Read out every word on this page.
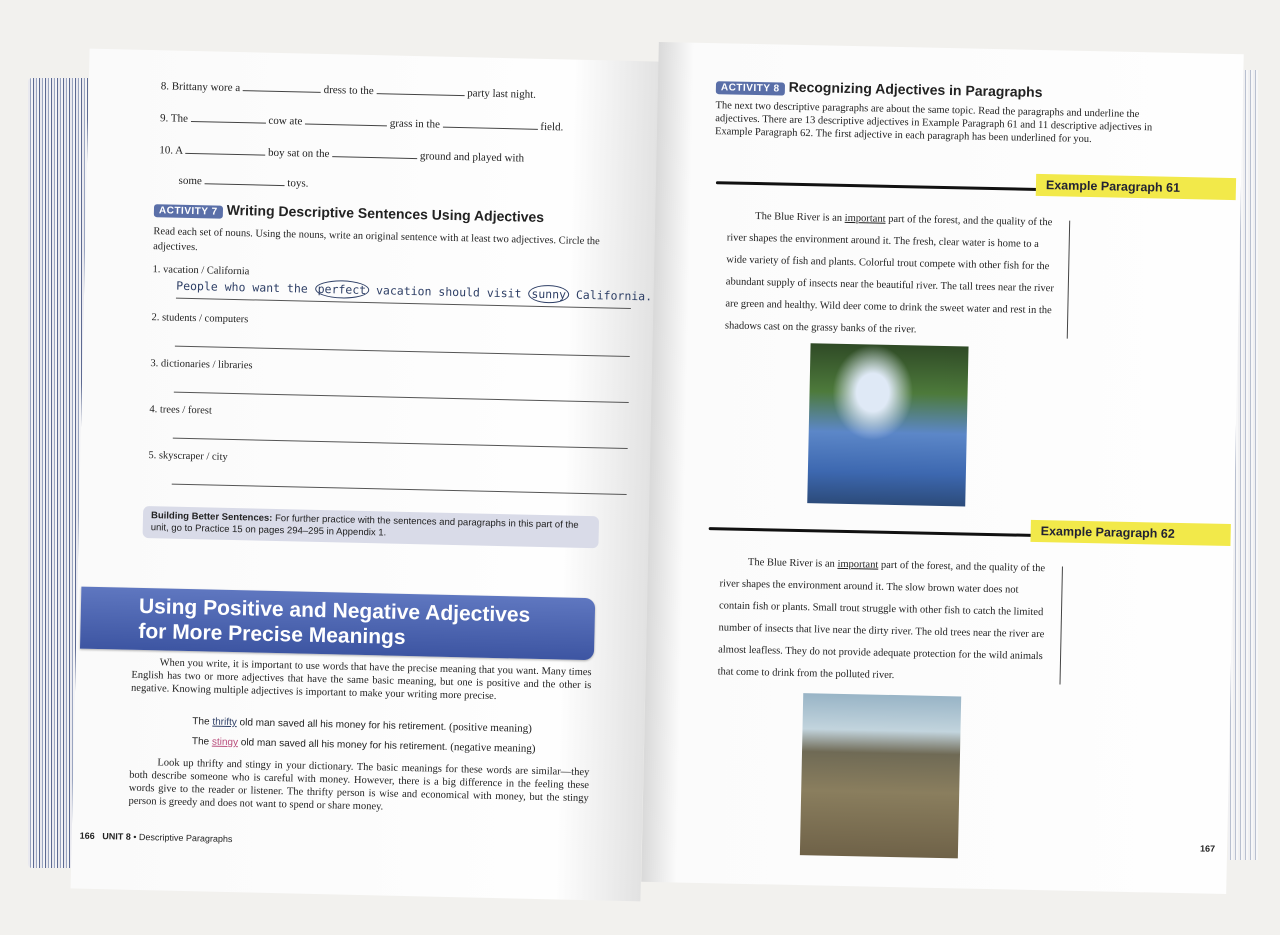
8. Brittany wore a	dress to the	party last night.
9. The	cow ate	grass in the	field.
10. A	boy sat on the	ground and played with
some	toys.
ACTIVITY 7 Writing Descriptive Sentences Using Adjectives
Read each set of nouns. Using the nouns, write an original sentence with at least two adjectives. Circle the adjectives.
1. vacation / California
People who want the perfect vacation should visit sunny California.
2. students / computers
3. dictionaries / libraries
4. trees / forest
5. skyscraper / city
Building Better Sentences: For further practice with the sentences and paragraphs in this part of the unit, go to Practice 15 on pages 294–295 in Appendix 1.
Using Positive and Negative Adjectives
for More Precise Meanings
When you write, it is important to use words that have the precise meaning that you want. Many times English has two or more adjectives that have the same basic meaning, but one is positive and the other is negative. Knowing multiple adjectives is important to make your writing more precise.
The thrifty old man saved all his money for his retirement. (positive meaning)
The stingy old man saved all his money for his retirement. (negative meaning)
Look up thrifty and stingy in your dictionary. The basic meanings for these words are similar—they both describe someone who is careful with money. However, there is a big difference in the feeling these words give to the reader or listener. The thrifty person is wise and economical with money, but the stingy person is greedy and does not want to spend or share money.
166 UNIT 8 • Descriptive Paragraphs
ACTIVITY 8 Recognizing Adjectives in Paragraphs
The next two descriptive paragraphs are about the same topic. Read the paragraphs and underline the adjectives. There are 13 descriptive adjectives in Example Paragraph 61 and 11 descriptive adjectives in Example Paragraph 62. The first adjective in each paragraph has been underlined for you.
Example Paragraph 61
The Blue River is an important part of the forest, and the quality of the river shapes the environment around it. The fresh, clear water is home to a wide variety of fish and plants. Colorful trout compete with other fish for the abundant supply of insects near the beautiful river. The tall trees near the river are green and healthy. Wild deer come to drink the sweet water and rest in the shadows cast on the grassy banks of the river.
Example Paragraph 62
The Blue River is an important part of the forest, and the quality of the river shapes the environment around it. The slow brown water does not contain fish or plants. Small trout struggle with other fish to catch the limited number of insects that live near the dirty river. The old trees near the river are almost leafless. They do not provide adequate protection for the wild animals that come to drink from the polluted river.
167
